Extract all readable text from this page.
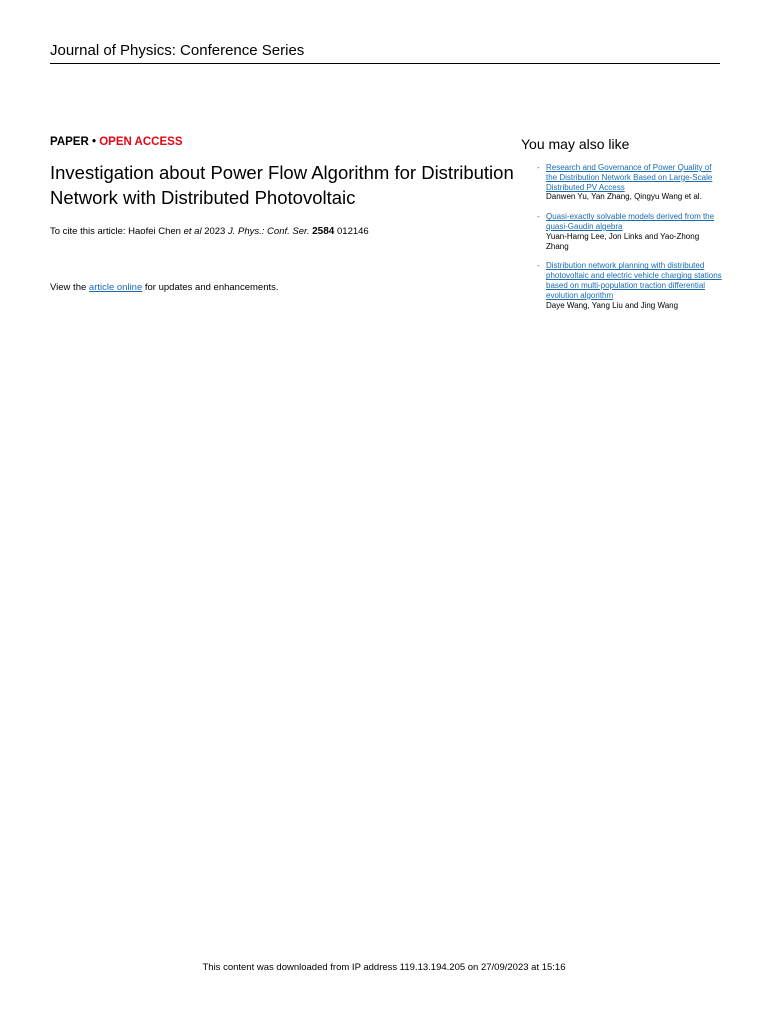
Journal of Physics: Conference Series
PAPER • OPEN ACCESS
Investigation about Power Flow Algorithm for Distribution Network with Distributed Photovoltaic
To cite this article: Haofei Chen et al 2023 J. Phys.: Conf. Ser. 2584 012146
View the article online for updates and enhancements.
You may also like
- Research and Governance of Power Quality of the Distribution Network Based on Large-Scale Distributed PV Access
Danwen Yu, Yan Zhang, Qingyu Wang et al.
- Quasi-exactly solvable models derived from the quasi-Gaudin algebra
Yuan-Harng Lee, Jon Links and Yao-Zhong Zhang
- Distribution network planning with distributed photovoltaic and electric vehicle charging stations based on multi-population traction differential evolution algorithm
Daye Wang, Yang Liu and Jing Wang
This content was downloaded from IP address 119.13.194.205 on 27/09/2023 at 15:16
